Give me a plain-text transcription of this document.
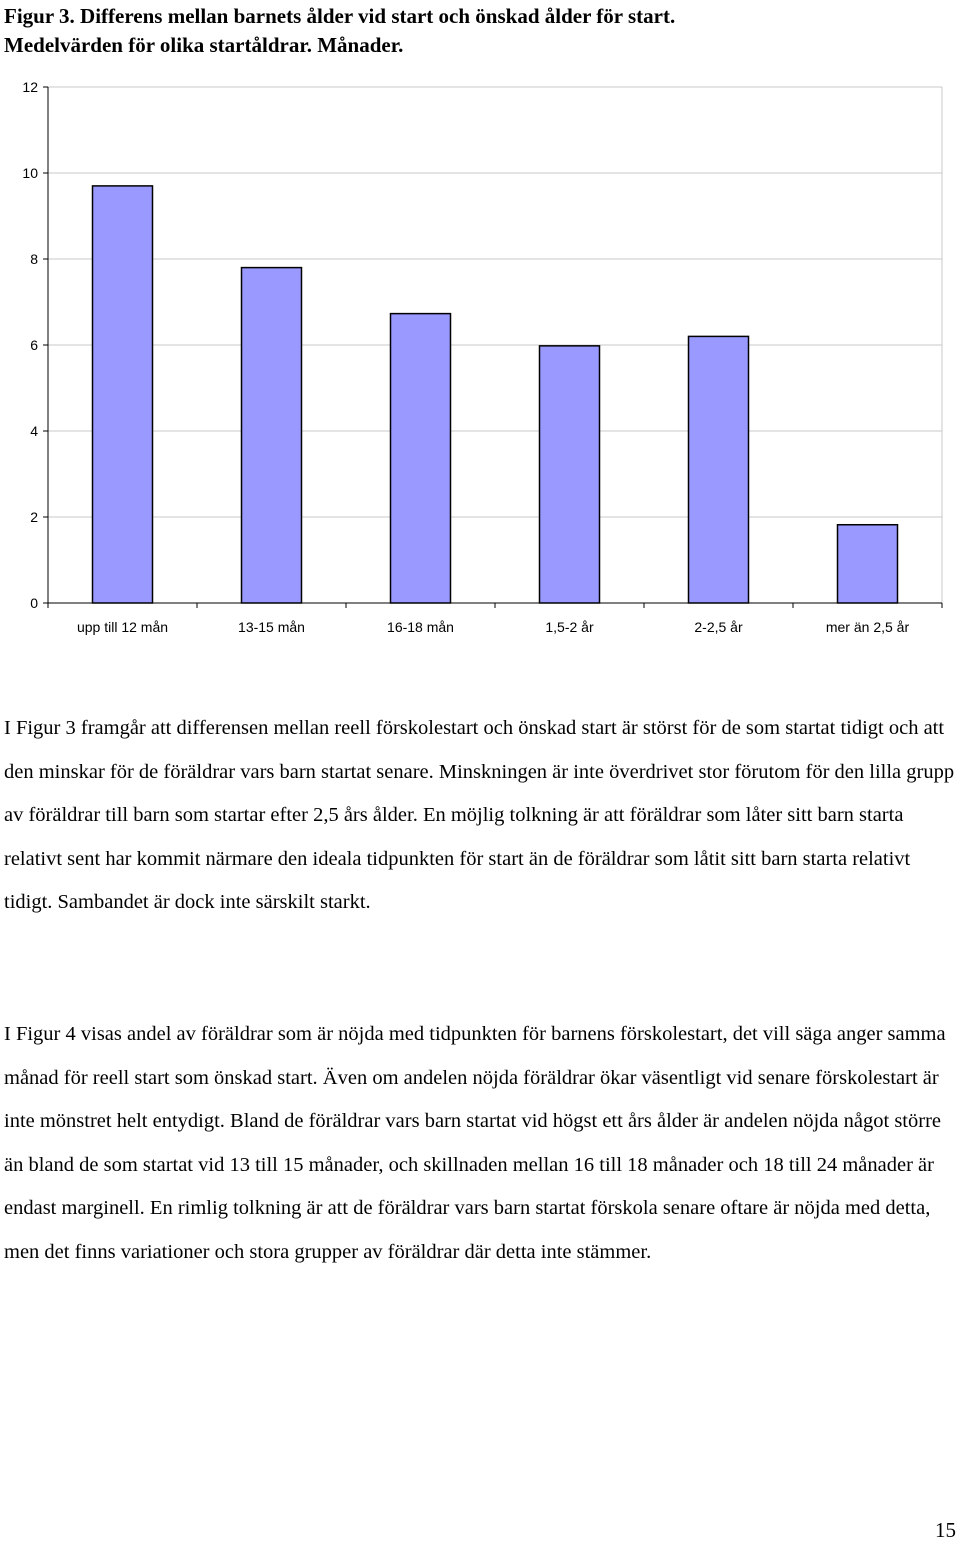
Figur 3. Differens mellan barnets ålder vid start och önskad ålder för start.
Medelvärden för olika startåldrar. Månader.
0
2
4
6
8
10
12
upp till 12 mån	13-15 mån	16-18 mån	1,5-2 år	2-2,5 år	mer än 2,5 år

I Figur 3 framgår att differensen mellan reell förskolestart och önskad start är störst för de som startat tidigt och att den minskar för de föräldrar vars barn startat senare. Minskningen är inte överdrivet stor förutom för den lilla grupp av föräldrar till barn som startar efter 2,5 års ålder. En möjlig tolkning är att föräldrar som låter sitt barn starta relativt sent har kommit närmare den ideala tidpunkten för start än de föräldrar som låtit sitt barn starta relativt tidigt. Sambandet är dock inte särskilt starkt.

I Figur 4 visas andel av föräldrar som är nöjda med tidpunkten för barnens förskolestart, det vill säga anger samma månad för reell start som önskad start. Även om andelen nöjda föräldrar ökar väsentligt vid senare förskolestart är inte mönstret helt entydigt. Bland de föräldrar vars barn startat vid högst ett års ålder är andelen nöjda något större än bland de som startat vid 13 till 15 månader, och skillnaden mellan 16 till 18 månader och 18 till 24 månader är endast marginell. En rimlig tolkning är att de föräldrar vars barn startat förskola senare oftare är nöjda med detta, men det finns variationer och stora grupper av föräldrar där detta inte stämmer.

15
